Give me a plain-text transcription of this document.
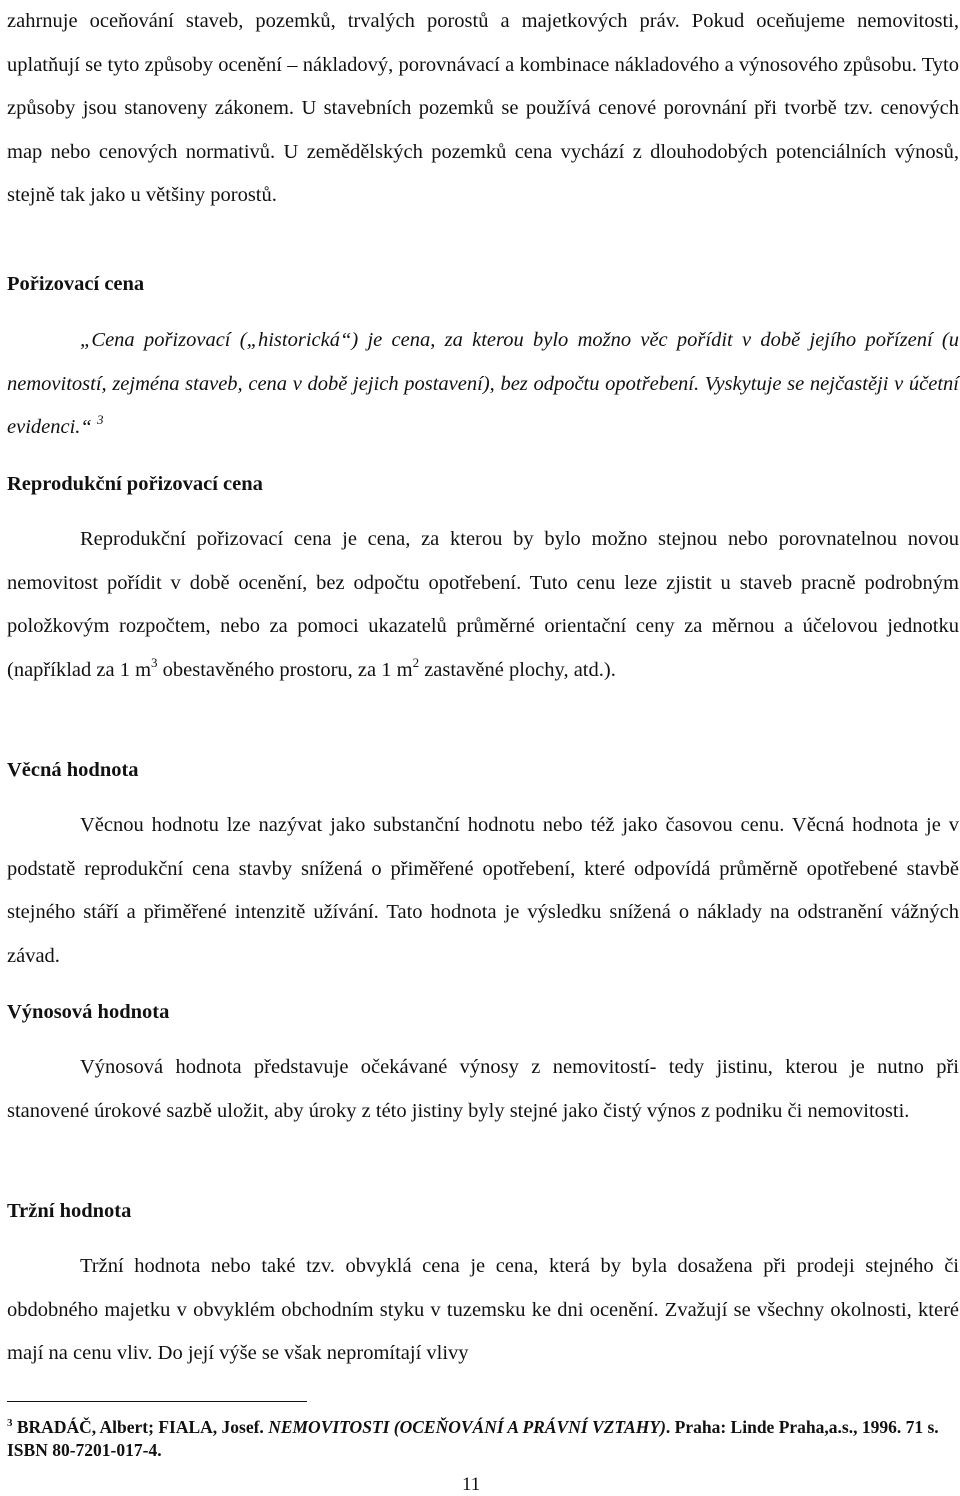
zahrnuje oceňování staveb, pozemků, trvalých porostů a majetkových práv. Pokud oceňujeme nemovitosti, uplatňují se tyto způsoby ocenění – nákladový, porovnávací a kombinace nákladového a výnosového způsobu. Tyto způsoby jsou stanoveny zákonem. U stavebních pozemků se používá cenové porovnání při tvorbě tzv. cenových map nebo cenových normativů. U zemědělských pozemků cena vychází z dlouhodobých potenciálních výnosů, stejně tak jako u většiny porostů.

Pořizovací cena

„Cena pořizovací („historická“) je cena, za kterou bylo možno věc pořídit v době jejího pořízení (u nemovitostí, zejména staveb, cena v době jejich postavení), bez odpočtu opotřebení. Vyskytuje se nejčastěji v účetní evidenci.“ $^3$

Reprodukční pořizovací cena

Reprodukční pořizovací cena je cena, za kterou by bylo možno stejnou nebo porovnatelnou novou nemovitost pořídit v době ocenění, bez odpočtu opotřebení. Tuto cenu leze zjistit u staveb pracně podrobným položkovým rozpočtem, nebo za pomoci ukazatelů průměrné orientační ceny za měrnou a účelovou jednotku (například za 1 $m^3$ obestavěného prostoru, za 1 $m^2$ zastavěné plochy, atd.).

Věcná hodnota

Věcnou hodnotu lze nazývat jako substanční hodnotu nebo též jako časovou cenu. Věcná hodnota je v podstatě reprodukční cena stavby snížená o přiměřené opotřebení, které odpovídá průměrně opotřebené stavbě stejného stáří a přiměřené intenzitě užívání. Tato hodnota je výsledku snížená o náklady na odstranění vážných závad.

Výnosová hodnota

Výnosová hodnota představuje očekávané výnosy z nemovitostí- tedy jistinu, kterou je nutno při stanovené úrokové sazbě uložit, aby úroky z této jistiny byly stejné jako čistý výnos z podniku či nemovitosti.

Tržní hodnota

Tržní hodnota nebo také tzv. obvyklá cena je cena, která by byla dosažena při prodeji stejného či obdobného majetku v obvyklém obchodním styku v tuzemsku ke dni ocenění. Zvažují se všechny okolnosti, které mají na cenu vliv. Do její výše se však nepromítají vlivy

$^3$ BRADÁČ, Albert; FIALA, Josef. NEMOVITOSTI (OCEŇOVÁNÍ A PRÁVNÍ VZTAHY). Praha: Linde Praha,a.s., 1996. 71 s. ISBN 80-7201-017-4.
11
